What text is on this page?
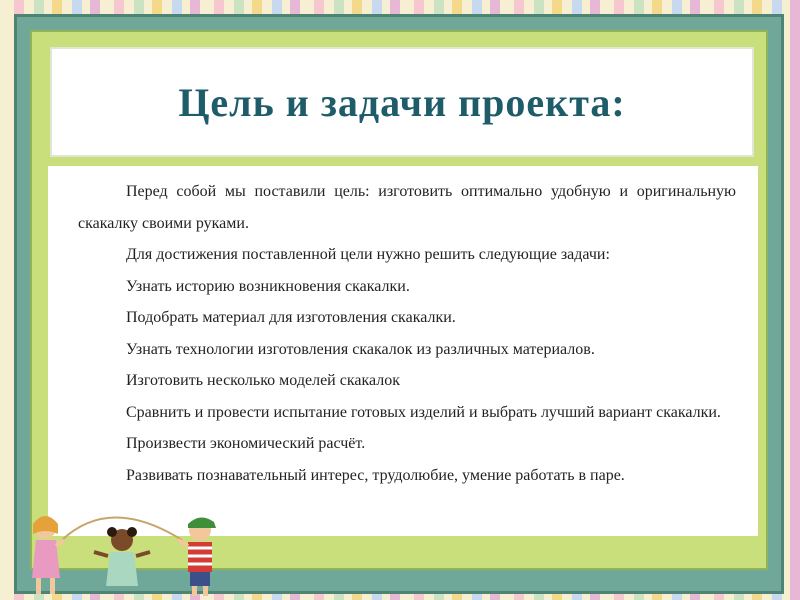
Цель и задачи проекта:

Перед собой мы поставили цель: изготовить оптимально удобную и оригинальную скакалку своими руками.

Для достижения поставленной цели нужно решить следующие задачи:

Узнать историю возникновения скакалки.

Подобрать материал для изготовления скакалки.

Узнать технологии изготовления скакалок из различных материалов.

Изготовить несколько моделей скакалок

Сравнить и провести испытание готовых изделий и выбрать лучший вариант скакалки.

Произвести экономический расчёт.

Развивать познавательный интерес, трудолюбие, умение работать в паре.
